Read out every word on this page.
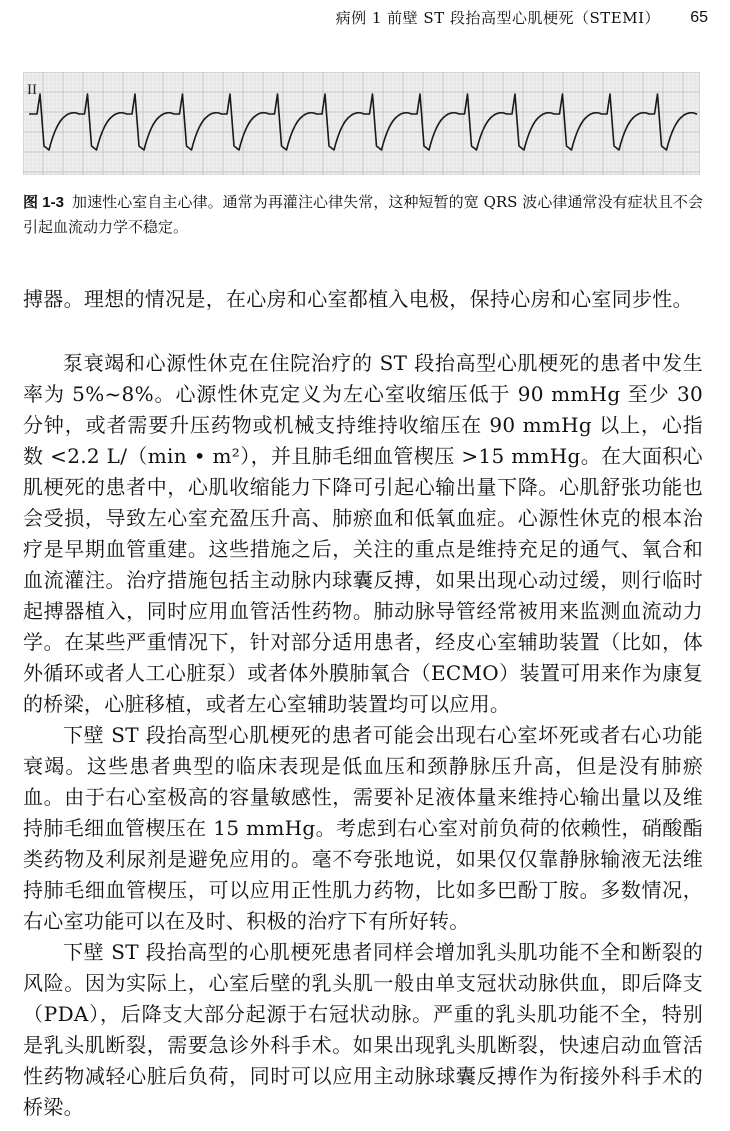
病例 1 前壁 ST 段抬高型心肌梗死（STEMI） 65
II
图 1-3 加速性心室自主心律。通常为再灌注心律失常，这种短暂的宽 QRS 波心律通常没有症状且不会引起血流动力学不稳定。

搏器。理想的情况是，在心房和心室都植入电极，保持心房和心室同步性。

泵衰竭和心源性休克在住院治疗的 ST 段抬高型心肌梗死的患者中发生率为 5%~8%。心源性休克定义为左心室收缩压低于 90 mmHg 至少 30 分钟，或者需要升压药物或机械支持维持收缩压在 90 mmHg 以上，心指数 <2.2 L/（min • m²），并且肺毛细血管楔压 >15 mmHg。在大面积心肌梗死的患者中，心肌收缩能力下降可引起心输出量下降。心肌舒张功能也会受损，导致左心室充盈压升高、肺瘀血和低氧血症。心源性休克的根本治疗是早期血管重建。这些措施之后，关注的重点是维持充足的通气、氧合和血流灌注。治疗措施包括主动脉内球囊反搏，如果出现心动过缓，则行临时起搏器植入，同时应用血管活性药物。肺动脉导管经常被用来监测血流动力学。在某些严重情况下，针对部分适用患者，经皮心室辅助装置（比如，体外循环或者人工心脏泵）或者体外膜肺氧合（ECMO）装置可用来作为康复的桥梁，心脏移植，或者左心室辅助装置均可以应用。

下壁 ST 段抬高型心肌梗死的患者可能会出现右心室坏死或者右心功能衰竭。这些患者典型的临床表现是低血压和颈静脉压升高，但是没有肺瘀血。由于右心室极高的容量敏感性，需要补足液体量来维持心输出量以及维持肺毛细血管楔压在 15 mmHg。考虑到右心室对前负荷的依赖性，硝酸酯类药物及利尿剂是避免应用的。毫不夸张地说，如果仅仅靠静脉输液无法维持肺毛细血管楔压，可以应用正性肌力药物，比如多巴酚丁胺。多数情况，右心室功能可以在及时、积极的治疗下有所好转。

下壁 ST 段抬高型的心肌梗死患者同样会增加乳头肌功能不全和断裂的风险。因为实际上，心室后壁的乳头肌一般由单支冠状动脉供血，即后降支（PDA），后降支大部分起源于右冠状动脉。严重的乳头肌功能不全，特别是乳头肌断裂，需要急诊外科手术。如果出现乳头肌断裂，快速启动血管活性药物减轻心脏后负荷，同时可以应用主动脉球囊反搏作为衔接外科手术的桥梁。
